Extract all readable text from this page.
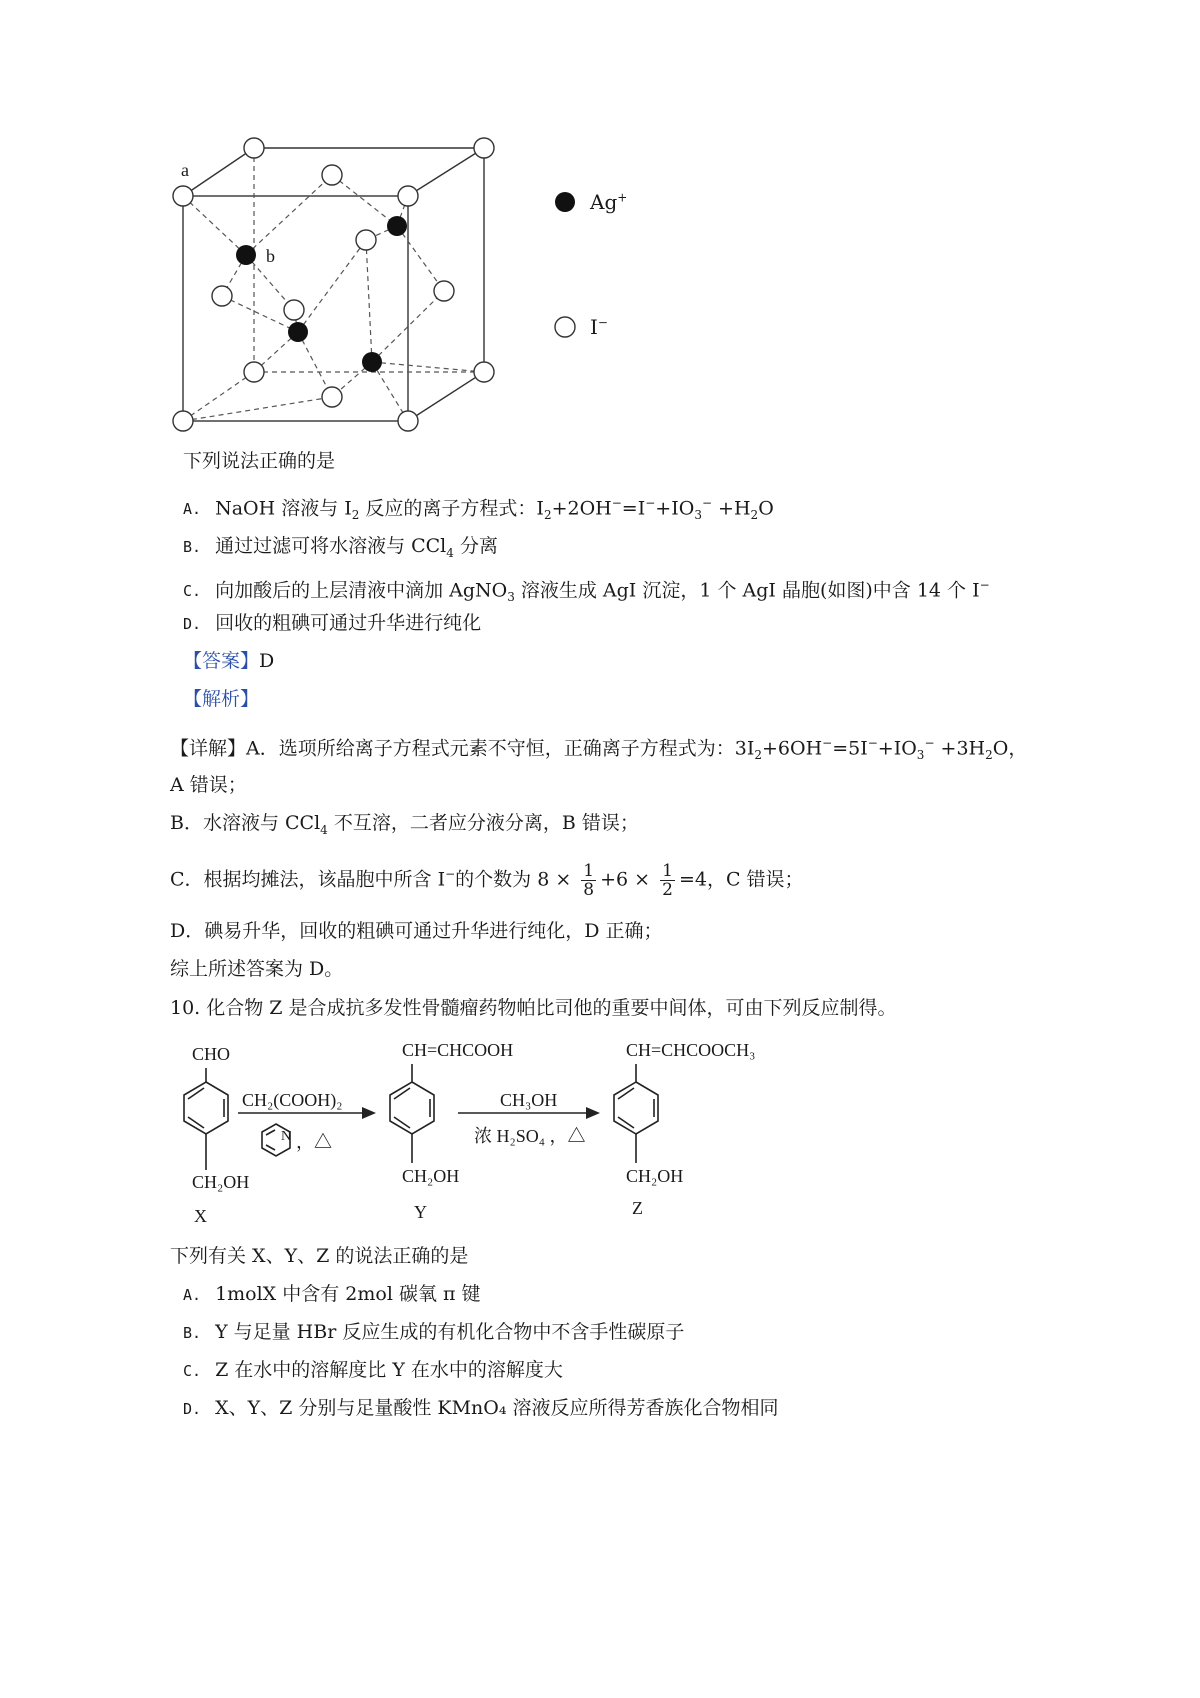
a
b
Ag+
I−
下列说法正确的是
A. NaOH 溶液与 $I_2$ 反应的离子方程式：$I_2+2OH^-=I^-+IO_3^- +H_2O$
B. 通过过滤可将水溶液与 CCl$_4$ 分离
C. 向加酸后的上层清液中滴加 AgNO$_3$ 溶液生成 AgI 沉淀，1 个 AgI 晶胞(如图)中含 14 个 I−
D. 回收的粗碘可通过升华进行纯化
【答案】D
【解析】
【详解】A．选项所给离子方程式元素不守恒，正确离子方程式为：$3I_2+6OH^-=5I^-+IO_3^- +3H_2O$，
A 错误；
B．水溶液与 CCl$_4$ 不互溶，二者应分液分离，B 错误；
C．根据均摊法，该晶胞中所含 I−的个数为 $8 \times \frac{1}{8} +6 \times \frac{1}{2} =4$，C 错误；
D．碘易升华，回收的粗碘可通过升华进行纯化，D 正确；
综上所述答案为 D。
10. 化合物 Z 是合成抗多发性骨髓瘤药物帕比司他的重要中间体，可由下列反应制得。
CHO
CH₂OH
X
CH=CHCOOH
CH₂OH
Y
CH=CHCOOCH₃
CH₂OH
Z
CH₂(COOH)₂
N ，△
CH₃OH
浓 H₂SO₄ ，△
下列有关 X、Y、Z 的说法正确的是
A. 1molX 中含有 2mol 碳氧 π 键
B. Y 与足量 HBr 反应生成的有机化合物中不含手性碳原子
C. Z 在水中的溶解度比 Y 在水中的溶解度大
D. X、Y、Z 分别与足量酸性 KMnO₄ 溶液反应所得芳香族化合物相同
